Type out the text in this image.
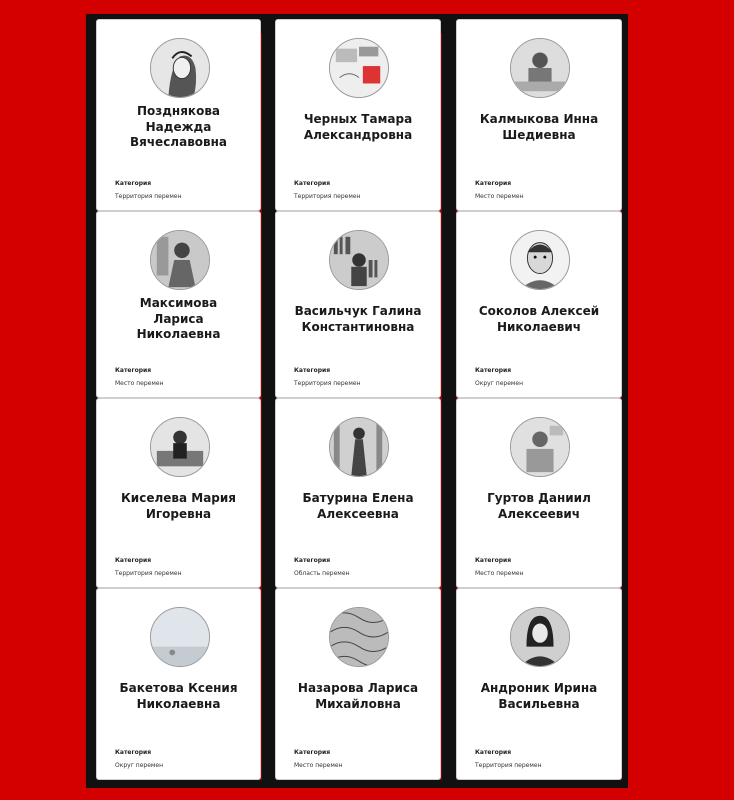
Позднякова
Надежда
Вячеславовна
Категория
Территория перемен
Черных Тамара
Александровна
Категория
Территория перемен
Калмыкова Инна
Шедиевна
Категория
Место перемен
Максимова
Лариса
Николаевна
Категория
Место перемен
Васильчук Галина
Константиновна
Категория
Территория перемен
Соколов Алексей
Николаевич
Категория
Округ перемен
Киселева Мария
Игоревна
Категория
Территория перемен
Батурина Елена
Алексеевна
Категория
Область перемен
Гуртов Даниил
Алексеевич
Категория
Место перемен
Бакетова Ксения
Николаевна
Категория
Округ перемен
Назарова Лариса
Михайловна
Категория
Место перемен
Андроник Ирина
Васильевна
Категория
Территория перемен
